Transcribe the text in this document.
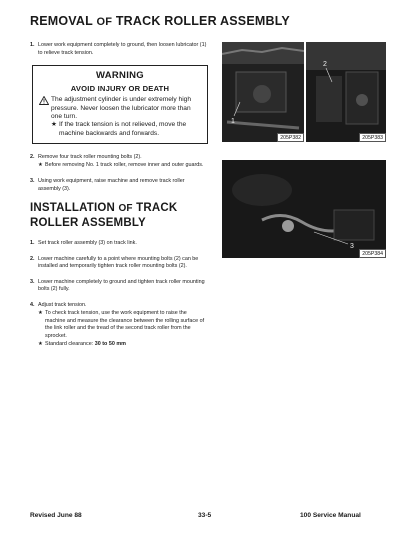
REMOVAL OF TRACK ROLLER ASSEMBLY
1. Lower work equipment completely to ground, then loosen lubricator (1) to relieve track tension.
WARNING
AVOID INJURY OR DEATH
The adjustment cylinder is under extremely high pressure. Never loosen the lubricator more than one turn.
★ If the track tension is not relieved, move the machine backwards and forwards.
2. Remove four track roller mounting bolts (2).
★ Before removing No. 1 track roller, remove inner and outer guards.
3. Using work equipment, raise machine and remove track roller assembly (3).
INSTALLATION OF TRACK
ROLLER ASSEMBLY
1. Set track roller assembly (3) on track link.
2. Lower machine carefully to a point where mounting bolts (2) can be installed and temporarily tighten track roller mounting bolts (2).
3. Lower machine completely to ground and tighten track roller mounting bolts (2) fully.
4. Adjust track tension.
★ To check track tension, use the work equipment to raise the machine and measure the clearance between the rolling surface of the link roller and the tread of the second track roller from the sprocket.
★ Standard clearance: 30 to 50 mm
1
205P382
2
205P383
3
205P384
Revised June 88	33-5	100 Service Manual
